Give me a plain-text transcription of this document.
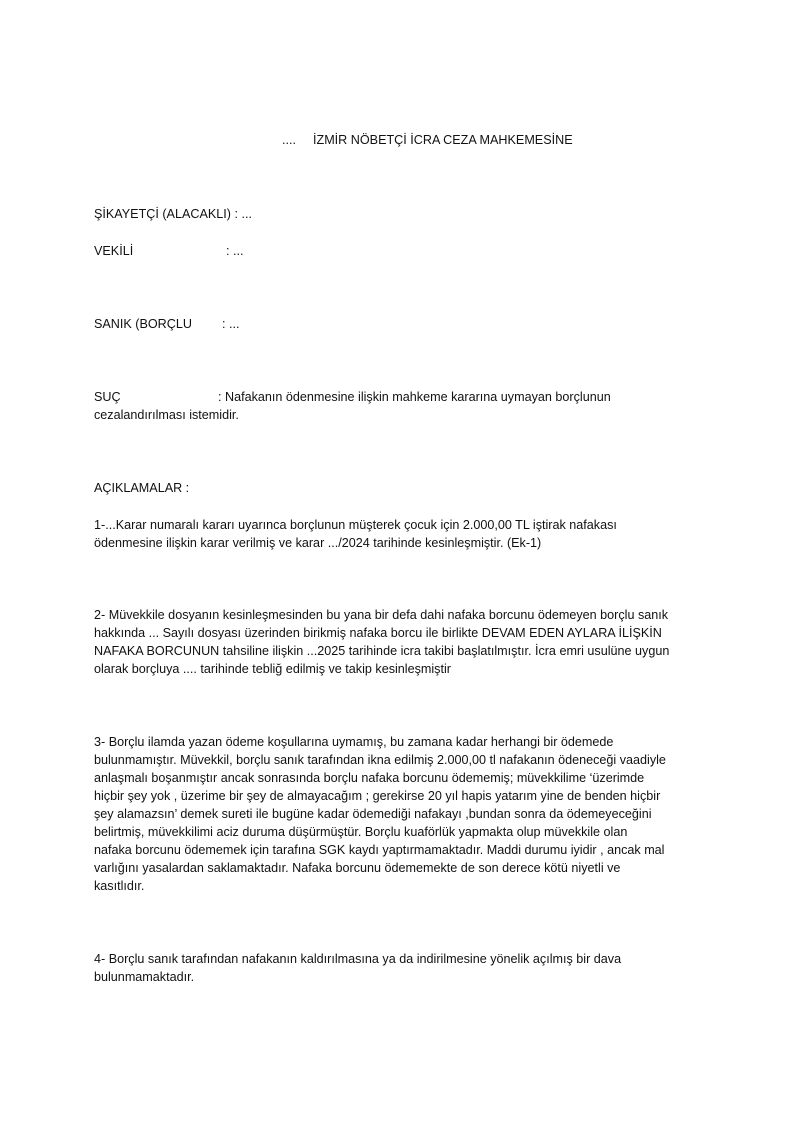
.... İZMİR NÖBETÇİ İCRA CEZA MAHKEMESİNE
ŞİKAYETÇİ (ALACAKLI) : ...
VEKİLİ	: ...
SANIK (BORÇLU : ...
SUÇ	: Nafakanın ödenmesine ilişkin mahkeme kararına uymayan borçlunun
cezalandırılması istemidir.
AÇIKLAMALAR :
1-...Karar numaralı kararı uyarınca borçlunun müşterek çocuk için 2.000,00 TL iştirak nafakası
ödenmesine ilişkin karar verilmiş ve karar .../2024 tarihinde kesinleşmiştir. (Ek-1)
2- Müvekkile dosyanın kesinleşmesinden bu yana bir defa dahi nafaka borcunu ödemeyen borçlu sanık
hakkında ... Sayılı dosyası üzerinden birikmiş nafaka borcu ile birlikte DEVAM EDEN AYLARA İLİŞKİN
NAFAKA BORCUNUN tahsiline ilişkin ...2025 tarihinde icra takibi başlatılmıştır. İcra emri usulüne uygun
olarak borçluya .... tarihinde tebliğ edilmiş ve takip kesinleşmiştir
3- Borçlu ilamda yazan ödeme koşullarına uymamış, bu zamana kadar herhangi bir ödemede
bulunmamıştır. Müvekkil, borçlu sanık tarafından ikna edilmiş 2.000,00 tl nafakanın ödeneceği vaadiyle
anlaşmalı boşanmıştır ancak sonrasında borçlu nafaka borcunu ödememiş; müvekkilime ‘üzerimde
hiçbir şey yok , üzerime bir şey de almayacağım ; gerekirse 20 yıl hapis yatarım yine de benden hiçbir
şey alamazsın’ demek sureti ile bugüne kadar ödemediği nafakayı ,bundan sonra da ödemeyeceğini
belirtmiş, müvekkilimi aciz duruma düşürmüştür. Borçlu kuaförlük yapmakta olup müvekkile olan
nafaka borcunu ödememek için tarafına SGK kaydı yaptırmamaktadır. Maddi durumu iyidir , ancak mal
varlığını yasalardan saklamaktadır. Nafaka borcunu ödememekte de son derece kötü niyetli ve
kasıtlıdır.
4- Borçlu sanık tarafından nafakanın kaldırılmasına ya da indirilmesine yönelik açılmış bir dava
bulunmamaktadır.
